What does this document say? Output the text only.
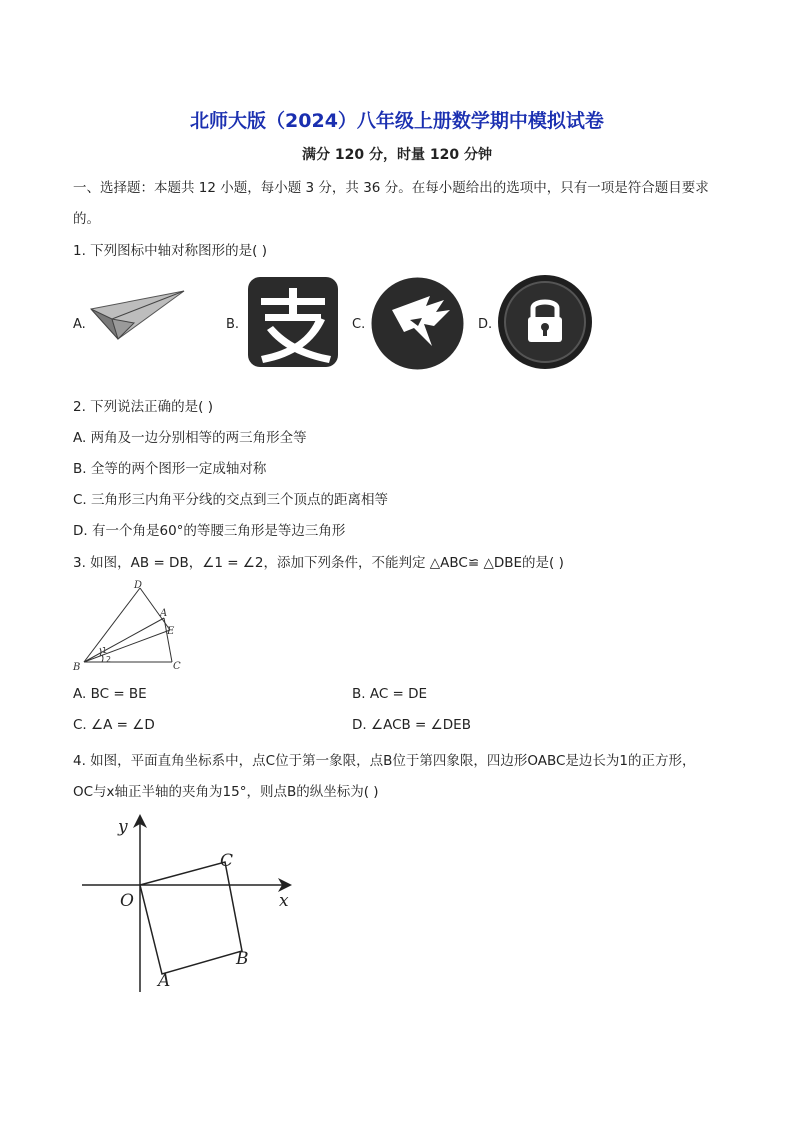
北师大版（2024）八年级上册数学期中模拟试卷
满分 120 分，时量 120 分钟
一、选择题：本题共 12 小题，每小题 3 分，共 36 分。在每小题给出的选项中，只有一项是符合题目要求
的。
1. 下列图标中轴对称图形的是( )
A.	B.	C.	D.
2. 下列说法正确的是( )
A. 两角及一边分别相等的两三角形全等
B. 全等的两个图形一定成轴对称
C. 三角形三内角平分线的交点到三个顶点的距离相等
D. 有一个角是60°的等腰三角形是等边三角形
3. 如图，AB = DB，∠1 = ∠2，添加下列条件，不能判定 △ABC≌ △DBE的是( )
D
A
E
B	C
1
2
A. BC = BE	B. AC = DE
C. ∠A = ∠D	D. ∠ACB = ∠DEB
4. 如图，平面直角坐标系中，点C位于第一象限，点B位于第四象限，四边形OABC是边长为1的正方形，
OC与x轴正半轴的夹角为15°，则点B的纵坐标为( )
y
x
O
C
B
A
